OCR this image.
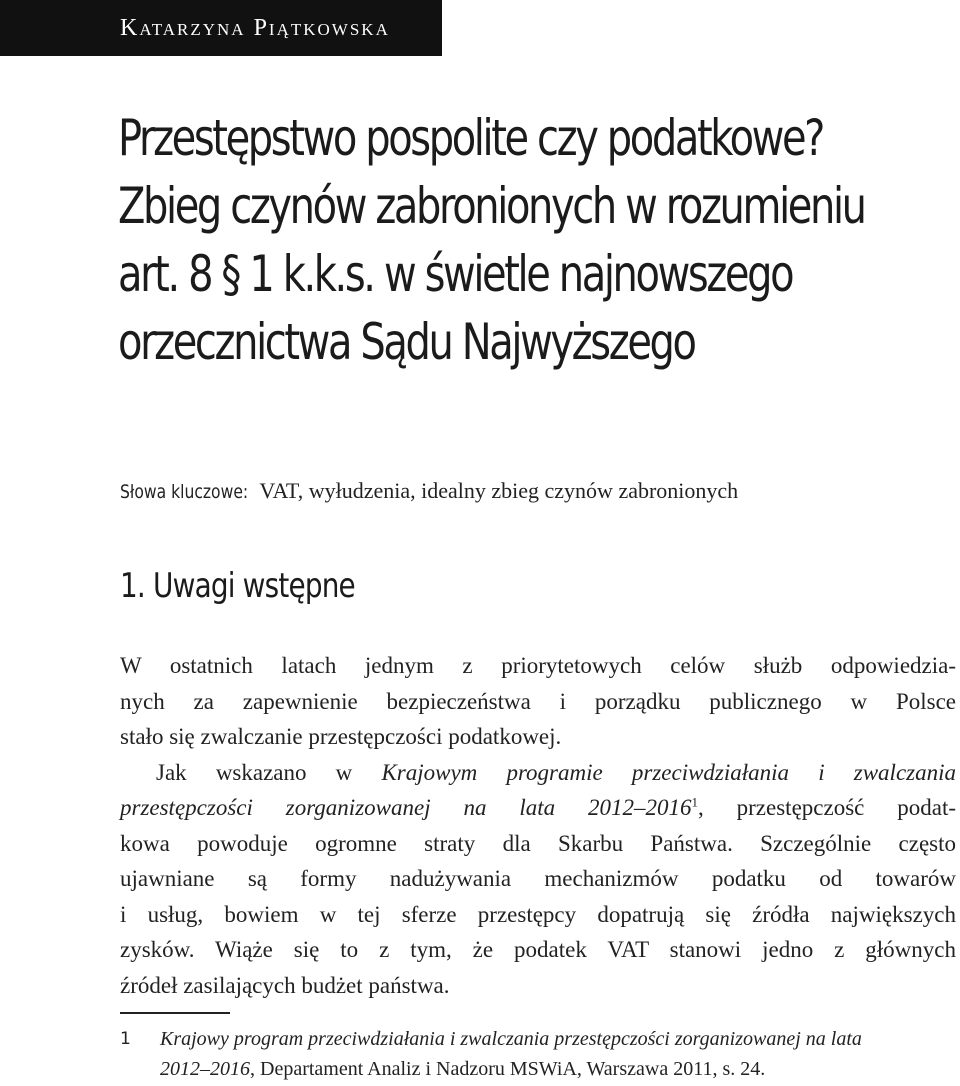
Katarzyna Piątkowska
Przestępstwo pospolite czy podatkowe?
Zbieg czynów zabronionych w rozumieniu
art. 8 § 1 k.k.s. w świetle najnowszego
orzecznictwa Sądu Najwyższego
Słowa kluczowe: VAT, wyłudzenia, idealny zbieg czynów zabronionych
1. Uwagi wstępne

W ostatnich latach jednym z priorytetowych celów służb odpowiedzia-
nych za zapewnienie bezpieczeństwa i porządku publicznego w Polsce
stało się zwalczanie przestępczości podatkowej.

Jak wskazano w Krajowym programie przeciwdziałania i zwalczania
przestępczości zorganizowanej na lata 2012–2016$^1$, przestępczość podat-
kowa powoduje ogromne straty dla Skarbu Państwa. Szczególnie często
ujawniane są formy nadużywania mechanizmów podatku od towarów
i usług, bowiem w tej sferze przestępcy dopatrują się źródła największych
zysków. Wiąże się to z tym, że podatek VAT stanowi jedno z głównych
źródeł zasilających budżet państwa.

1 Krajowy program przeciwdziałania i zwalczania przestępczości zorganizowanej na lata
2012–2016, Departament Analiz i Nadzoru MSWiA, Warszawa 2011, s. 24.
